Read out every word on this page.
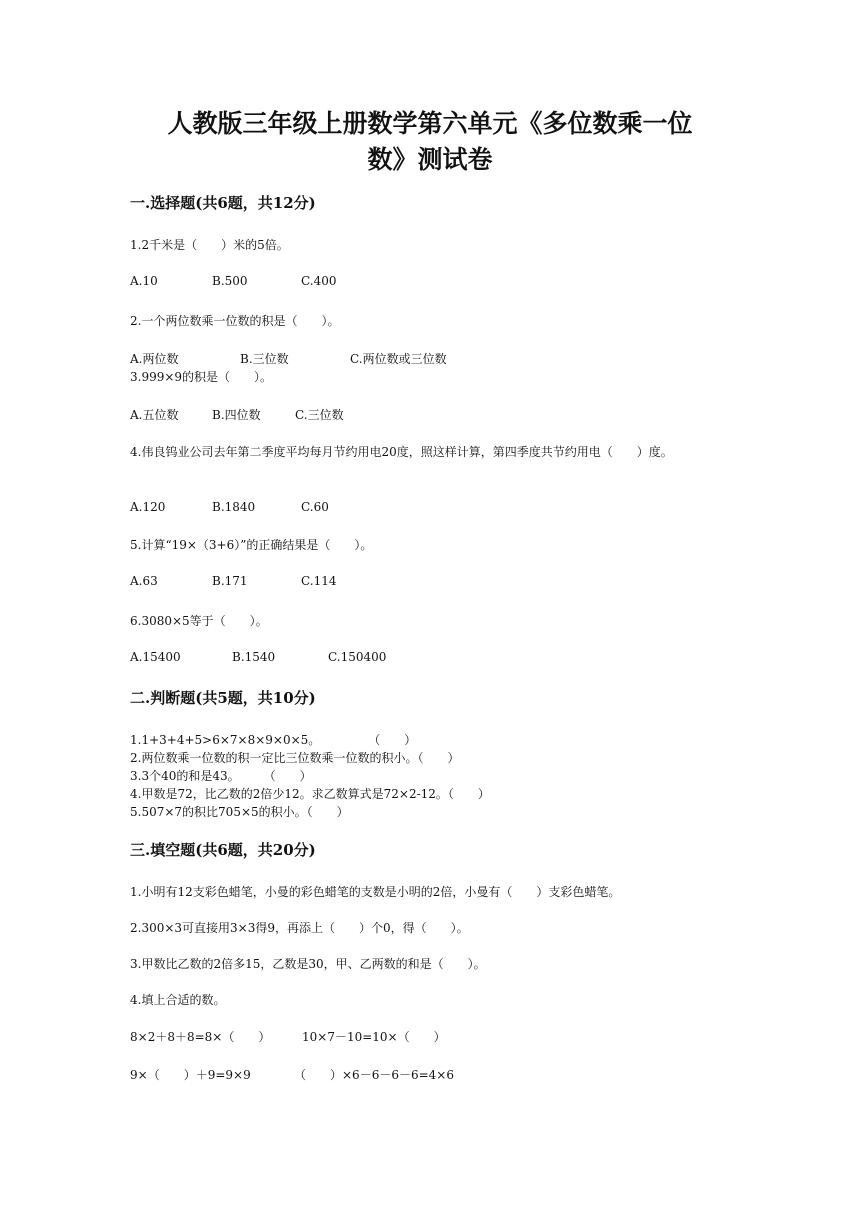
人教版三年级上册数学第六单元《多位数乘一位
数》测试卷
一.选择题(共6题，共12分)

1.2千米是（　　）米的5倍。

A.10	B.500	C.400

2.一个两位数乘一位数的积是（　　）。

A.两位数	B.三位数	C.两位数或三位数

3.999×9的积是（　　）。

A.五位数	B.四位数	C.三位数

4.伟良钨业公司去年第二季度平均每月节约用电20度，照这样计算，第四季度共节约用电（　　）度。

A.120	B.1840	C.60

5.计算“19×（3+6）”的正确结果是（　　）。

A.63	B.171	C.114

6.3080×5等于（　　）。

A.15400	B.1540	C.150400
二.判断题(共5题，共10分)

1.1+3+4+5>6×7×8×9×0×5。　　　　　（　　）

2.两位数乘一位数的积一定比三位数乘一位数的积小。（　　）

3.3个40的和是43。　　　（　　）

4.甲数是72，比乙数的2倍少12。求乙数算式是72×2-12。（　　）

5.507×7的积比705×5的积小。（　　）

三.填空题(共6题，共20分)

1.小明有12支彩色蜡笔，小曼的彩色蜡笔的支数是小明的2倍，小曼有（　　）支彩色蜡笔。

2.300×3可直接用3×3得9，再添上（　　）个0，得（　　）。

3.甲数比乙数的2倍多15，乙数是30，甲、乙两数的和是（　　）。

4.填上合适的数。

8×2＋8＋8=8×（　　）	10×7－10=10×（　　）
9×（　　）＋9=9×9	（　　）×6－6－6－6=4×6
